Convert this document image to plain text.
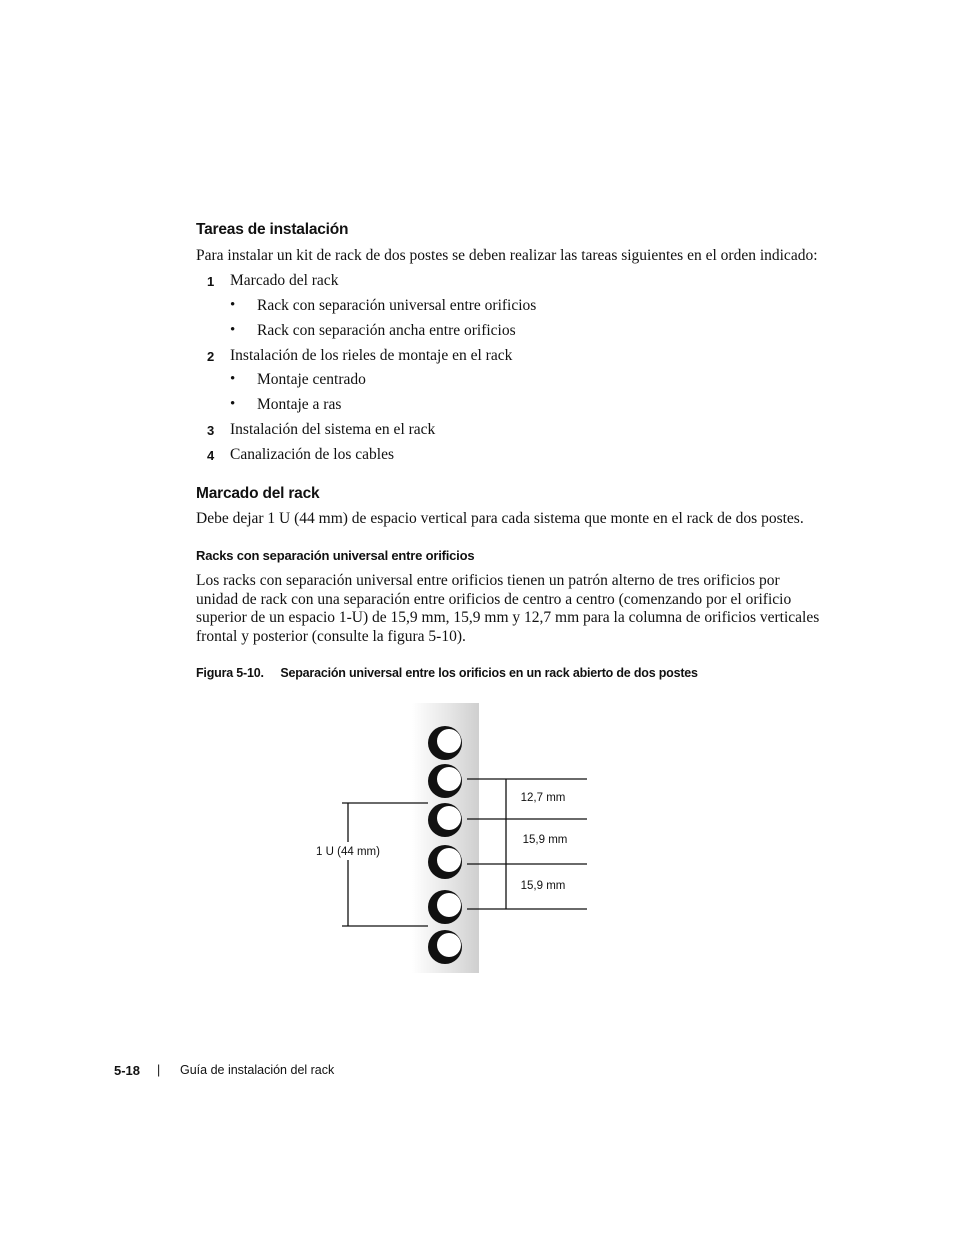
Tareas de instalación

Para instalar un kit de rack de dos postes se deben realizar las tareas siguientes en el orden indicado:

1 Marcado del rack
• Rack con separación universal entre orificios
• Rack con separación ancha entre orificios
2 Instalación de los rieles de montaje en el rack
• Montaje centrado
• Montaje a ras
3 Instalación del sistema en el rack
4 Canalización de los cables
Marcado del rack

Debe dejar 1 U (44 mm) de espacio vertical para cada sistema que monte en el rack de dos postes.

Racks con separación universal entre orificios
Los racks con separación universal entre orificios tienen un patrón alterno de tres orificios por
unidad de rack con una separación entre orificios de centro a centro (comenzando por el orificio
superior de un espacio 1-U) de 15,9 mm, 15,9 mm y 12,7 mm para la columna de orificios verticales
frontal y posterior (consulte la figura 5-10).
Figura 5-10. Separación universal entre los orificios en un rack abierto de dos postes
1 U (44 mm)
12,7 mm
15,9 mm
15,9 mm
5-18 | Guía de instalación del rack
